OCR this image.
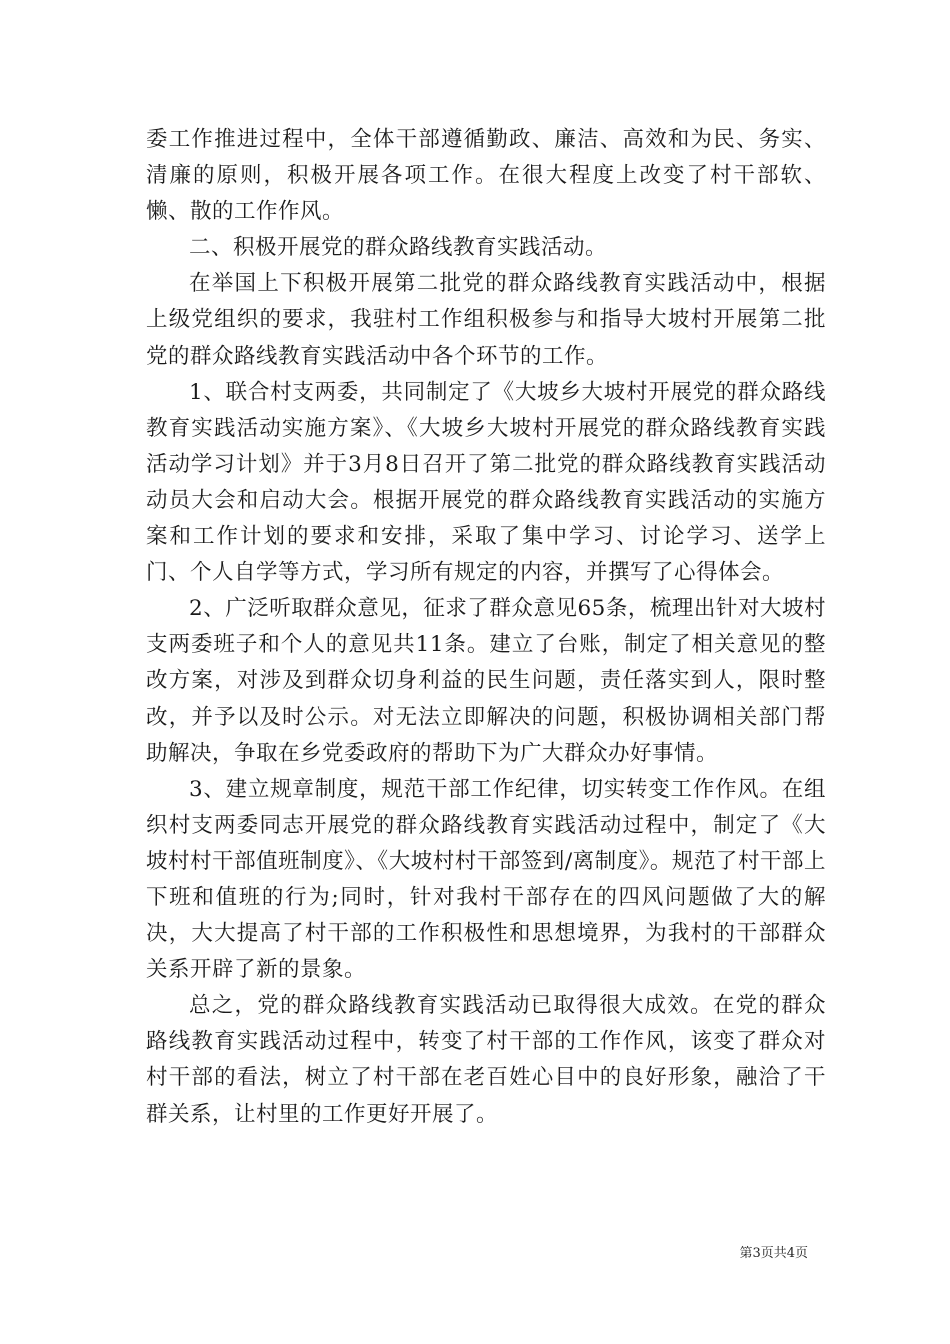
委工作推进过程中，全体干部遵循勤政、廉洁、高效和为民、务实、清廉的原则，积极开展各项工作。在很大程度上改变了村干部软、懒、散的工作作风。

二、积极开展党的群众路线教育实践活动。

在举国上下积极开展第二批党的群众路线教育实践活动中，根据上级党组织的要求，我驻村工作组积极参与和指导大坡村开展第二批党的群众路线教育实践活动中各个环节的工作。

1、联合村支两委，共同制定了《大坡乡大坡村开展党的群众路线教育实践活动实施方案》、《大坡乡大坡村开展党的群众路线教育实践活动学习计划》并于3月8日召开了第二批党的群众路线教育实践活动动员大会和启动大会。根据开展党的群众路线教育实践活动的实施方案和工作计划的要求和安排，采取了集中学习、讨论学习、送学上门、个人自学等方式，学习所有规定的内容，并撰写了心得体会。

2、广泛听取群众意见，征求了群众意见65条，梳理出针对大坡村支两委班子和个人的意见共11条。建立了台账，制定了相关意见的整改方案，对涉及到群众切身利益的民生问题，责任落实到人，限时整改，并予以及时公示。对无法立即解决的问题，积极协调相关部门帮助解决，争取在乡党委政府的帮助下为广大群众办好事情。

3、建立规章制度，规范干部工作纪律，切实转变工作作风。在组织村支两委同志开展党的群众路线教育实践活动过程中，制定了《大坡村村干部值班制度》、《大坡村村干部签到/离制度》。规范了村干部上下班和值班的行为;同时，针对我村干部存在的四风问题做了大的解决，大大提高了村干部的工作积极性和思想境界，为我村的干部群众关系开辟了新的景象。

总之，党的群众路线教育实践活动已取得很大成效。在党的群众路线教育实践活动过程中，转变了村干部的工作作风，该变了群众对村干部的看法，树立了村干部在老百姓心目中的良好形象，融洽了干群关系，让村里的工作更好开展了。

第3页共4页
